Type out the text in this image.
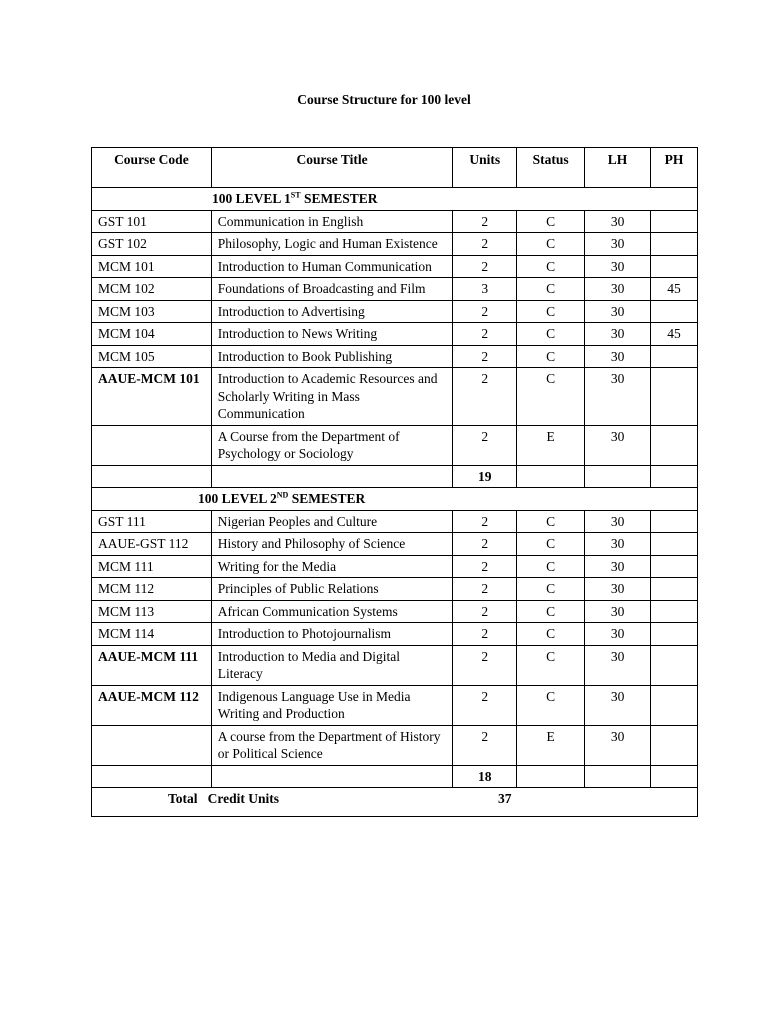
Course Structure for 100 level
Course Code	Course Title	Units	Status	LH	PH
100 LEVEL 1ST SEMESTER					
GST 101	Communication in English	2	C	30	
GST 102	Philosophy, Logic and Human Existence	2	C	30	
MCM 101	Introduction to Human Communication	2	C	30	
MCM 102	Foundations of Broadcasting and Film	3	C	30	45
MCM 103	Introduction to Advertising	2	C	30	
MCM 104	Introduction to News Writing	2	C	30	45
MCM 105	Introduction to Book Publishing	2	C	30	
AAUE-MCM 101	Introduction to Academic Resources and Scholarly Writing in Mass Communication	2	C	30	
	A Course from the Department of Psychology or Sociology	2	E	30	
		19			
100 LEVEL 2ND SEMESTER					
GST 111	Nigerian Peoples and Culture	2	C	30	
AAUE-GST 112	History and Philosophy of Science	2	C	30	
MCM 111	Writing for the Media	2	C	30	
MCM 112	Principles of Public Relations	2	C	30	
MCM 113	African Communication Systems	2	C	30	
MCM 114	Introduction to Photojournalism	2	C	30	
AAUE-MCM 111	Introduction to Media and Digital Literacy	2	C	30	
AAUE-MCM 112	Indigenous Language Use in Media Writing and Production	2	C	30	
	A course from the Department of History or Political Science	2	E	30	
		18			
Total   Credit Units 37					
